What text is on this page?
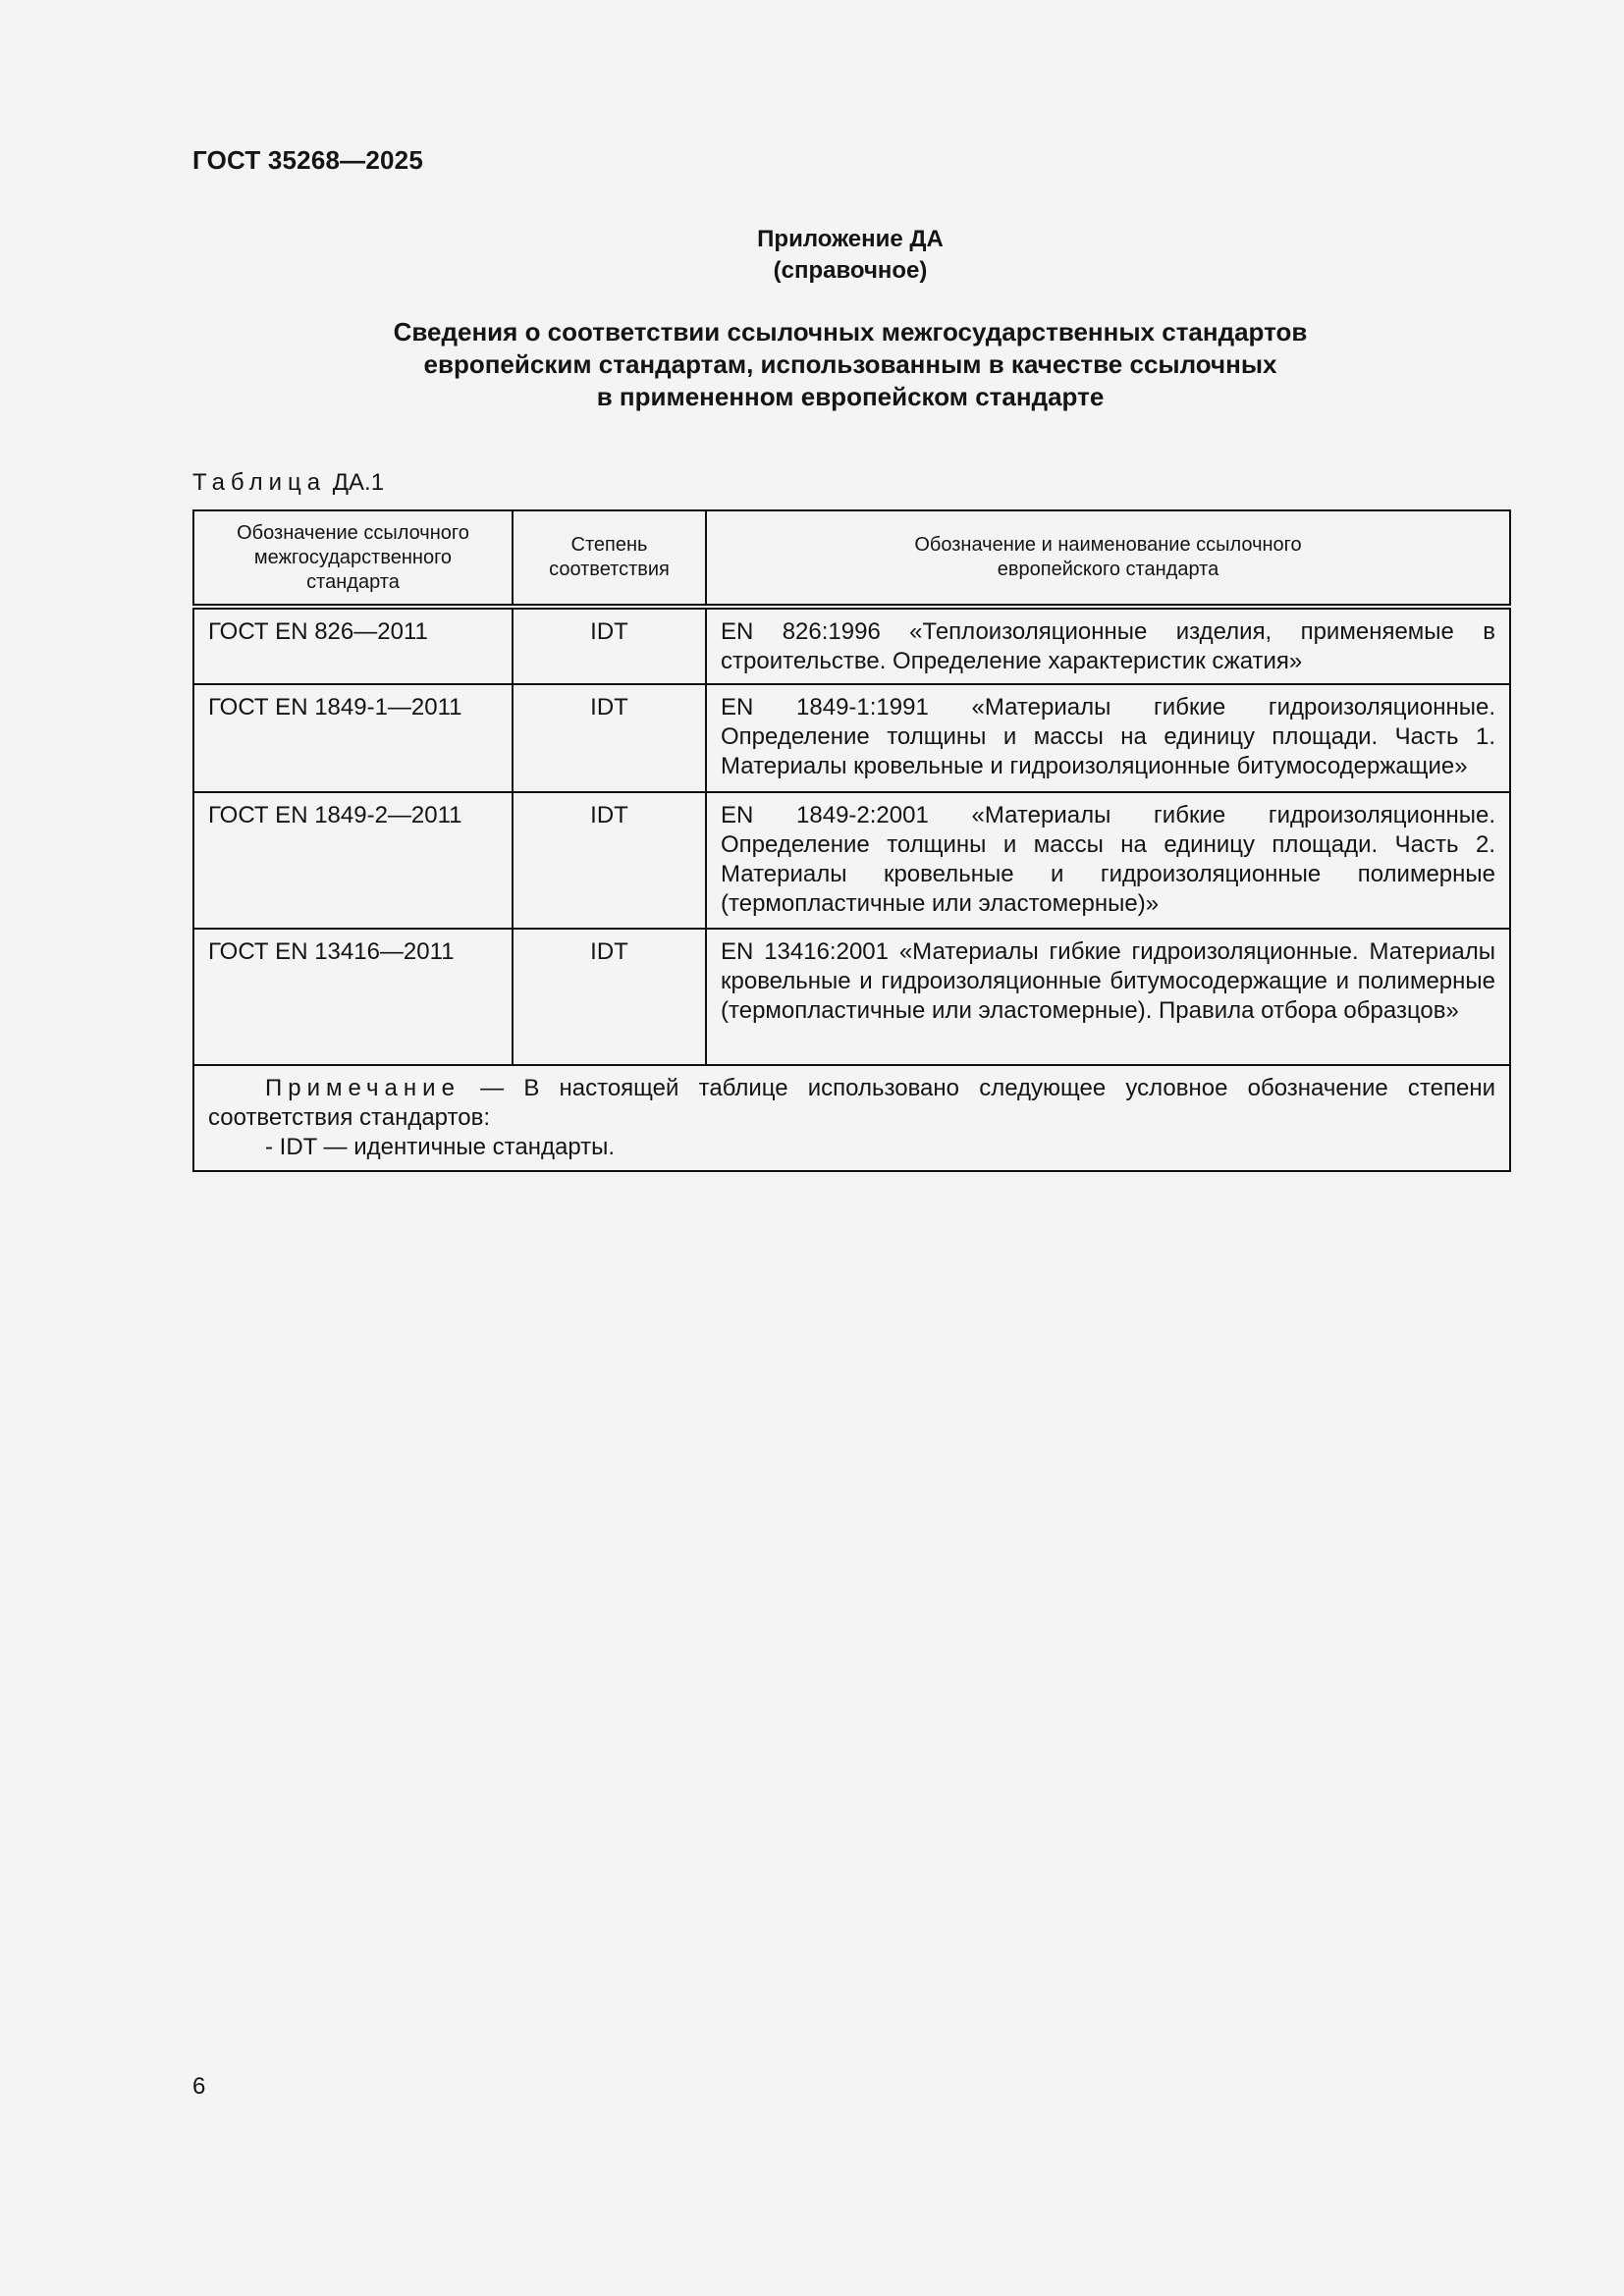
ГОСТ 35268—2025
Приложение ДА
(справочное)
Сведения о соответствии ссылочных межгосударственных стандартов
европейским стандартам, использованным в качестве ссылочных
в примененном европейском стандарте
Таблица ДА.1
Обозначение ссылочного межгосударственного стандарта	Степень соответствия	Обозначение и наименование ссылочного европейского стандарта

ГОСТ EN 826—2011	IDT	EN 826:1996 «Теплоизоляционные изделия, применяемые в строительстве. Определение характеристик сжатия»
ГОСТ EN 1849-1—2011	IDT	EN 1849-1:1991 «Материалы гибкие гидроизоляционные. Определение толщины и массы на единицу площади. Часть 1. Материалы кровельные и гидроизоляционные битумосодержащие»
ГОСТ EN 1849-2—2011	IDT	EN 1849-2:2001 «Материалы гибкие гидроизоляционные. Определение толщины и массы на единицу площади. Часть 2. Материалы кровельные и гидроизоляционные полимерные (термопластичные или эластомерные)»
ГОСТ EN 13416—2011	IDT	EN 13416:2001 «Материалы гибкие гидроизоляционные. Материалы кровельные и гидроизоляционные битумосодержащие и полимерные (термопластичные или эластомерные). Правила отбора образцов»

Примечание — В настоящей таблице использовано следующее условное обозначение степени соответствия стандартов:
- IDT — идентичные стандарты.		
6
